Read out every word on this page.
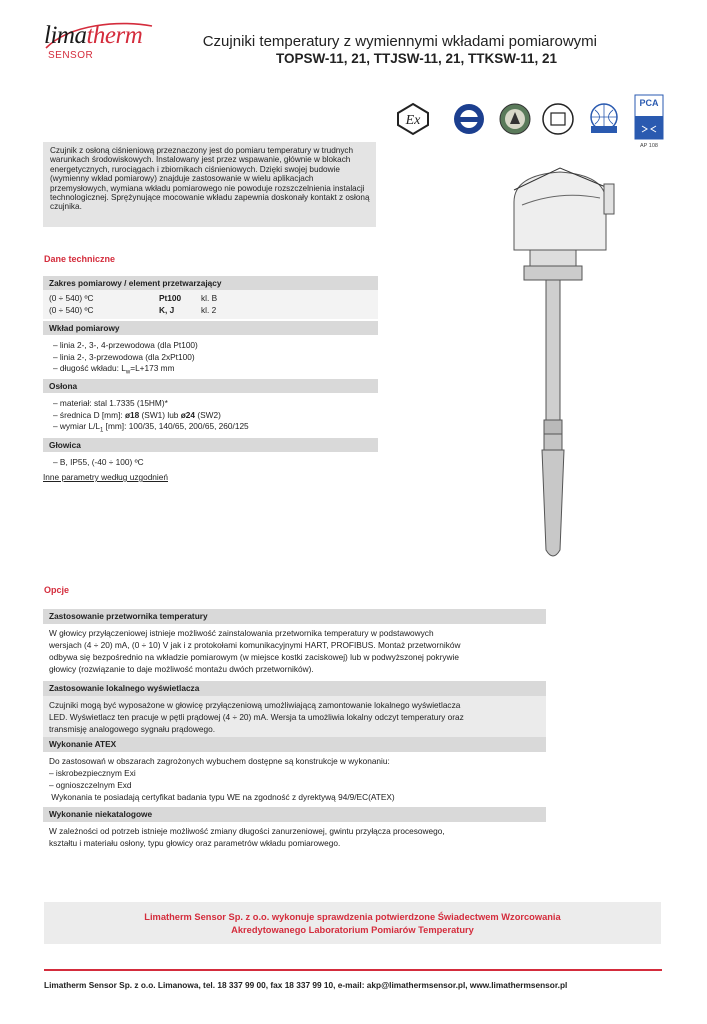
limatherm
SENSOR
Czujniki temperatury z wymiennymi wkładami pomiarowymi
TOPSW-11, 21, TTJSW-11, 21, TTKSW-11, 21
Ex
PCA
AP 108
Czujnik z osłoną ciśnieniową przeznaczony jest do pomiaru temperatury w trudnych warunkach środowiskowych. Instalowany jest przez wspawanie, głównie w blokach energetycznych, rurociągach i zbiornikach ciśnieniowych. Dzięki swojej budowie (wymienny wkład pomiarowy) znajduje zastosowanie w wielu aplikacjach przemysłowych, wymiana wkładu pomiarowego nie powoduje rozszczelnienia instalacji technologicznej. Sprężynujące mocowanie wkładu zapewnia doskonały kontakt z osłoną czujnika.
Dane techniczne
Zakres pomiarowy / element przetwarzający
(0 ÷ 540) ºC	Pt100	kl. B
(0 ÷ 540) ºC	K, J	kl. 2
Wkład pomiarowy
– linia 2-, 3-, 4-przewodowa (dla Pt100)
– linia 2-, 3-przewodowa (dla 2xPt100)
– długość wkładu: $L_w=L+173$ mm
Osłona
– materiał: stal 1.7335 (15HM)*
– średnica D [mm]: ø18 (SW1) lub ø24 (SW2)
– wymiar $L/L_1$ [mm]: 100/35, 140/65, 200/65, 260/125
Głowica
– B, IP55, (-40 ÷ 100) ºC
Inne parametry według uzgodnień
Opcje
Zastosowanie przetwornika temperatury
W głowicy przyłączeniowej istnieje możliwość zainstalowania przetwornika temperatury w podstawowych
wersjach (4 ÷ 20) mA, (0 ÷ 10) V jak i z protokołami komunikacyjnymi HART, PROFIBUS. Montaż przetworników
odbywa się bezpośrednio na wkładzie pomiarowym (w miejsce kostki zaciskowej) lub w podwyższonej pokrywie
głowicy (rozwiązanie to daje możliwość montażu dwóch przetworników).
Zastosowanie lokalnego wyświetlacza
Czujniki mogą być wyposażone w głowicę przyłączeniową umożliwiającą zamontowanie lokalnego wyświetlacza
LED. Wyświetlacz ten pracuje w pętli prądowej (4 ÷ 20) mA. Wersja ta umożliwia lokalny odczyt temperatury oraz
transmisję analogowego sygnału prądowego.
Wykonanie ATEX
Do zastosowań w obszarach zagrożonych wybuchem dostępne są konstrukcje w wykonaniu:
– iskrobezpiecznym Exi
– ognioszczelnym Exd
Wykonania te posiadają certyfikat badania typu WE na zgodność z dyrektywą 94/9/EC(ATEX)
Wykonanie niekatalogowe
W zależności od potrzeb istnieje możliwość zmiany długości zanurzeniowej, gwintu przyłącza procesowego,
kształtu i materiału osłony, typu głowicy oraz parametrów wkładu pomiarowego.
Limatherm Sensor Sp. z o.o. wykonuje sprawdzenia potwierdzone Świadectwem Wzorcowania
Akredytowanego Laboratorium Pomiarów Temperatury
Limatherm Sensor Sp. z o.o. Limanowa, tel. 18 337 99 00, fax 18 337 99 10, e-mail: akp@limathermsensor.pl, www.limathermsensor.pl
